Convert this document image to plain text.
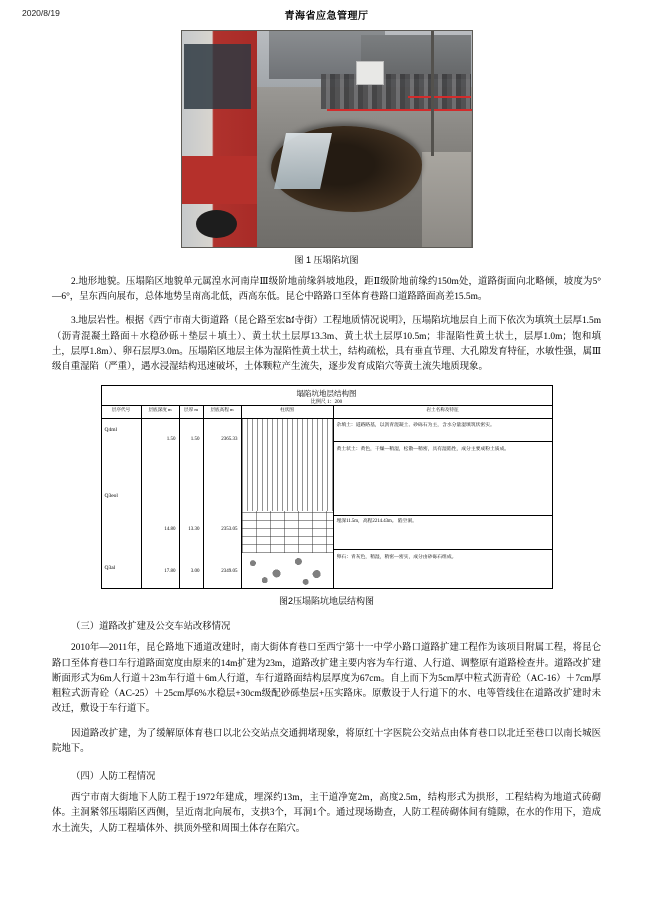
2020/8/19	青海省应急管理厅
图 1 压塌陷坑图

2.地形地貌。压塌陷区地貌单元属湟水河南岸Ⅲ级阶地前缘斜坡地段，距Ⅱ级阶地前缘约150m处，道路街面向北略倾，坡度为5°—6°，呈东西向展布，总体地势呈南高北低，西高东低。昆仑中路路口至体育巷路口道路路面高差15.5m。

3.地层岩性。根据《西宁市南大街道路（昆仑路至宏ងវ寺街）工程地质情况说明》，压塌陷坑地层自上而下依次为填筑土层厚1.5m（沥青混凝土路面＋水稳砂砾＋垫层＋填土）、黄土状土层厚13.3m、黄土状土层厚10.5m；非湿陷性黄土状土，层厚1.0m；饱和填土，层厚1.8m）、卵石层厚3.0m。压塌陷区地层主体为湿陷性黄土状土，结构疏松，具有垂直节理、大孔隙发育特征，水敏性强，属Ⅲ级自重湿陷（严重），遇水浸湿结构迅速破坏，土体颗粒产生流失，逐步发育成陷穴等黄土流失地质现象。

塌陷坑地层结构图
比例尺 1：200
层序代号
Q4ml
Q3eol
Q3al
层底深度 m
1.50
14.80
17.80
层厚 m
1.50
13.30
3.00
层底高程 m
2365.33
2353.05
2349.05
柱状图	岩土名称及特征
杂填土：道路路基，以沥青混凝土、砂砾石为主，含水分量湿填筑状密实。
黄土状土：黄色，干燥—稍湿，松散—稍密，具有湿陷性，成分主要成粉土质成。
埋深11.5m，高程2214.43m。 陷空洞。
卵石：青灰色，稍湿，稍密—密实，成分由砂砾石组成。
图2压塌陷坑地层结构图

（三）道路改扩建及公交车站改移情况

2010年—2011年，昆仑路地下通道改建时，南大街体育巷口至西宁第十一中学小路口道路扩建工程作为该项目附属工程，将昆仑路口至体育巷口车行道路面宽度由原来的14m扩建为23m，道路改扩建主要内容为车行道、人行道、调整原有道路检查井。道路改扩建断面形式为6m人行道＋23m车行道＋6m人行道，车行道路面结构层厚度为67cm。自上而下为5cm厚中粒式沥青砼（AC-16）＋7cm厚粗粒式沥青砼（AC-25）＋25cm厚6%水稳层+30cm级配砂砾垫层+压实路床。原敷设于人行道下的水、电等管线住在道路改扩建时未改迁，敷设于车行道下。

因道路改扩建，为了缓解原体育巷口以北公交站点交通拥堵现象，将原红十字医院公交站点由体育巷口以北迁至巷口以南长城医院地下。

（四）人防工程情况

西宁市南大街地下人防工程于1972年建成，埋深约13m，主干道净宽2m，高度2.5m，结构形式为拱形，工程结构为地道式砖砌体。主洞紧邻压塌陷区西侧，呈近南北向展布，支拱3个，耳洞1个。通过现场勘查，人防工程砖砌体间有缝隙，在水的作用下，造成水土流失，人防工程墙体外、拱顶外壁和周围土体存在陷穴。
